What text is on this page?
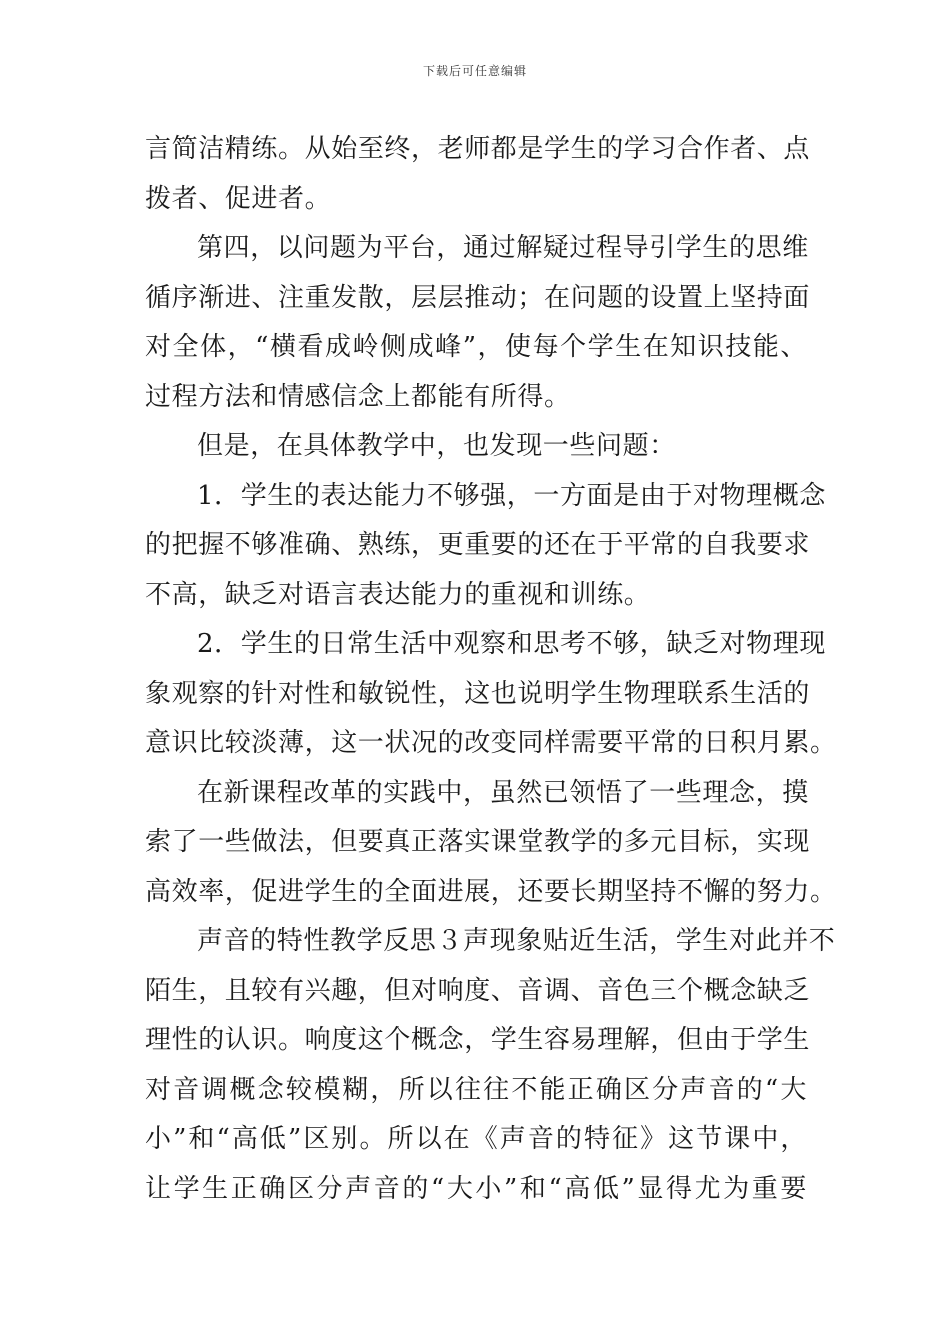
下载后可任意编辑
言简洁精练。从始至终，老师都是学生的学习合作者、点
拨者、促进者。
第四，以问题为平台，通过解疑过程导引学生的思维
循序渐进、注重发散，层层推动；在问题的设置上坚持面
对全体，“横看成岭侧成峰”，使每个学生在知识技能、
过程方法和情感信念上都能有所得。
但是，在具体教学中，也发现一些问题：
1．学生的表达能力不够强，一方面是由于对物理概念
的把握不够准确、熟练，更重要的还在于平常的自我要求
不高，缺乏对语言表达能力的重视和训练。
2．学生的日常生活中观察和思考不够，缺乏对物理现
象观察的针对性和敏锐性，这也说明学生物理联系生活的
意识比较淡薄，这一状况的改变同样需要平常的日积月累。
在新课程改革的实践中，虽然已领悟了一些理念，摸
索了一些做法，但要真正落实课堂教学的多元目标，实现
高效率，促进学生的全面进展，还要长期坚持不懈的努力。
声音的特性教学反思３声现象贴近生活，学生对此并不
陌生，且较有兴趣，但对响度、音调、音色三个概念缺乏
理性的认识。响度这个概念，学生容易理解，但由于学生
对音调概念较模糊，所以往往不能正确区分声音的“大
小”和“高低”区别。所以在《声音的特征》这节课中，
让学生正确区分声音的“大小”和“高低”显得尤为重要
